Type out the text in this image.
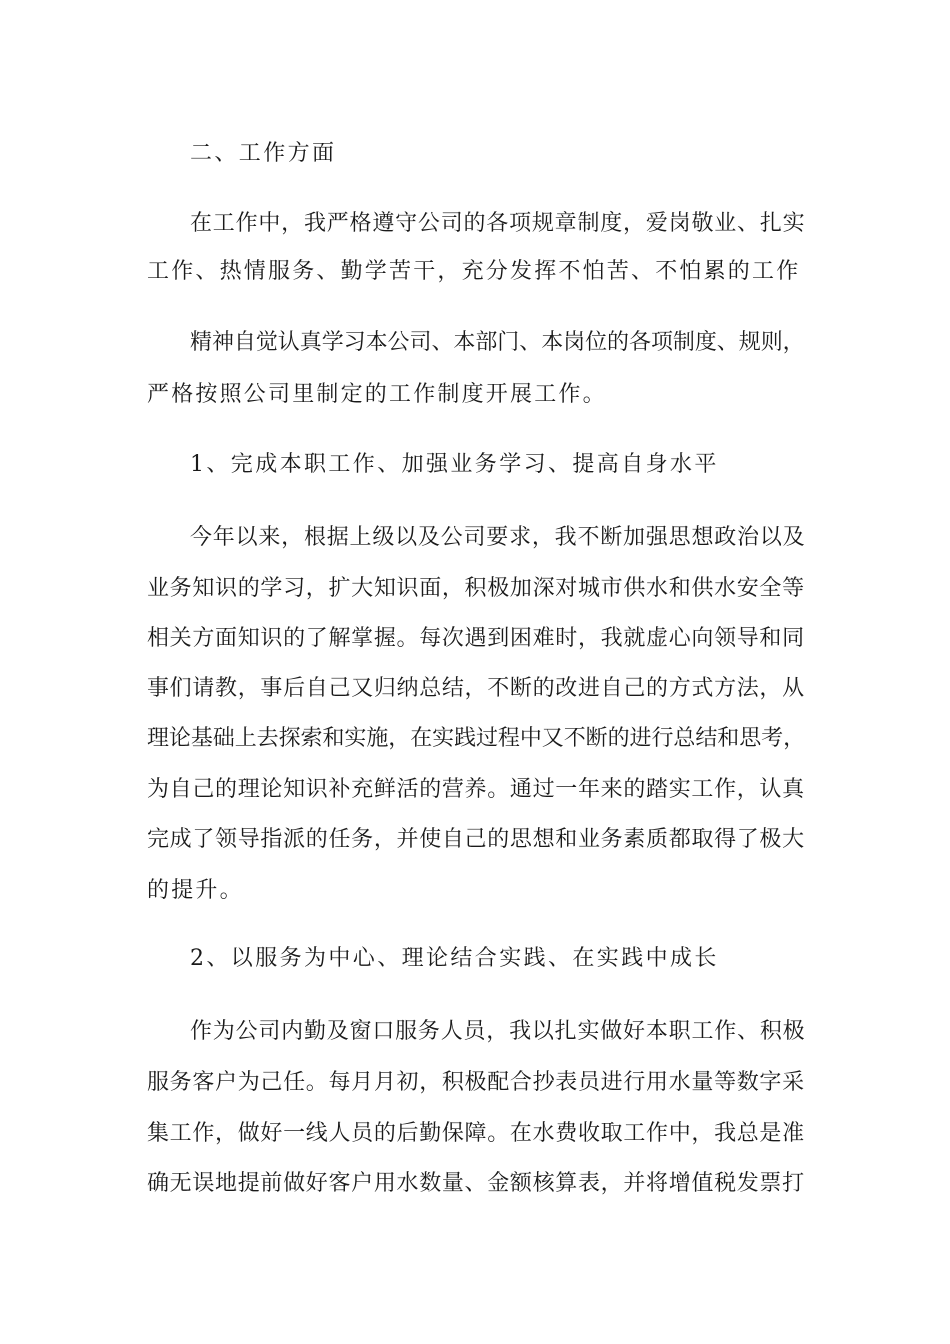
二、工作方面
在工作中，我严格遵守公司的各项规章制度，爱岗敬业、扎实
工作、热情服务、勤学苦干，充分发挥不怕苦、不怕累的工作
精神自觉认真学习本公司、本部门、本岗位的各项制度、规则，
严格按照公司里制定的工作制度开展工作。
1、完成本职工作、加强业务学习、提高自身水平
今年以来，根据上级以及公司要求，我不断加强思想政治以及
业务知识的学习，扩大知识面，积极加深对城市供水和供水安全等
相关方面知识的了解掌握。每次遇到困难时，我就虚心向领导和同
事们请教，事后自己又归纳总结，不断的改进自己的方式方法，从
理论基础上去探索和实施，在实践过程中又不断的进行总结和思考，
为自己的理论知识补充鲜活的营养。通过一年来的踏实工作，认真
完成了领导指派的任务，并使自己的思想和业务素质都取得了极大
的提升。
2、以服务为中心、理论结合实践、在实践中成长
作为公司内勤及窗口服务人员，我以扎实做好本职工作、积极
服务客户为己任。每月月初，积极配合抄表员进行用水量等数字采
集工作，做好一线人员的后勤保障。在水费收取工作中，我总是准
确无误地提前做好客户用水数量、金额核算表，并将增值税发票打
